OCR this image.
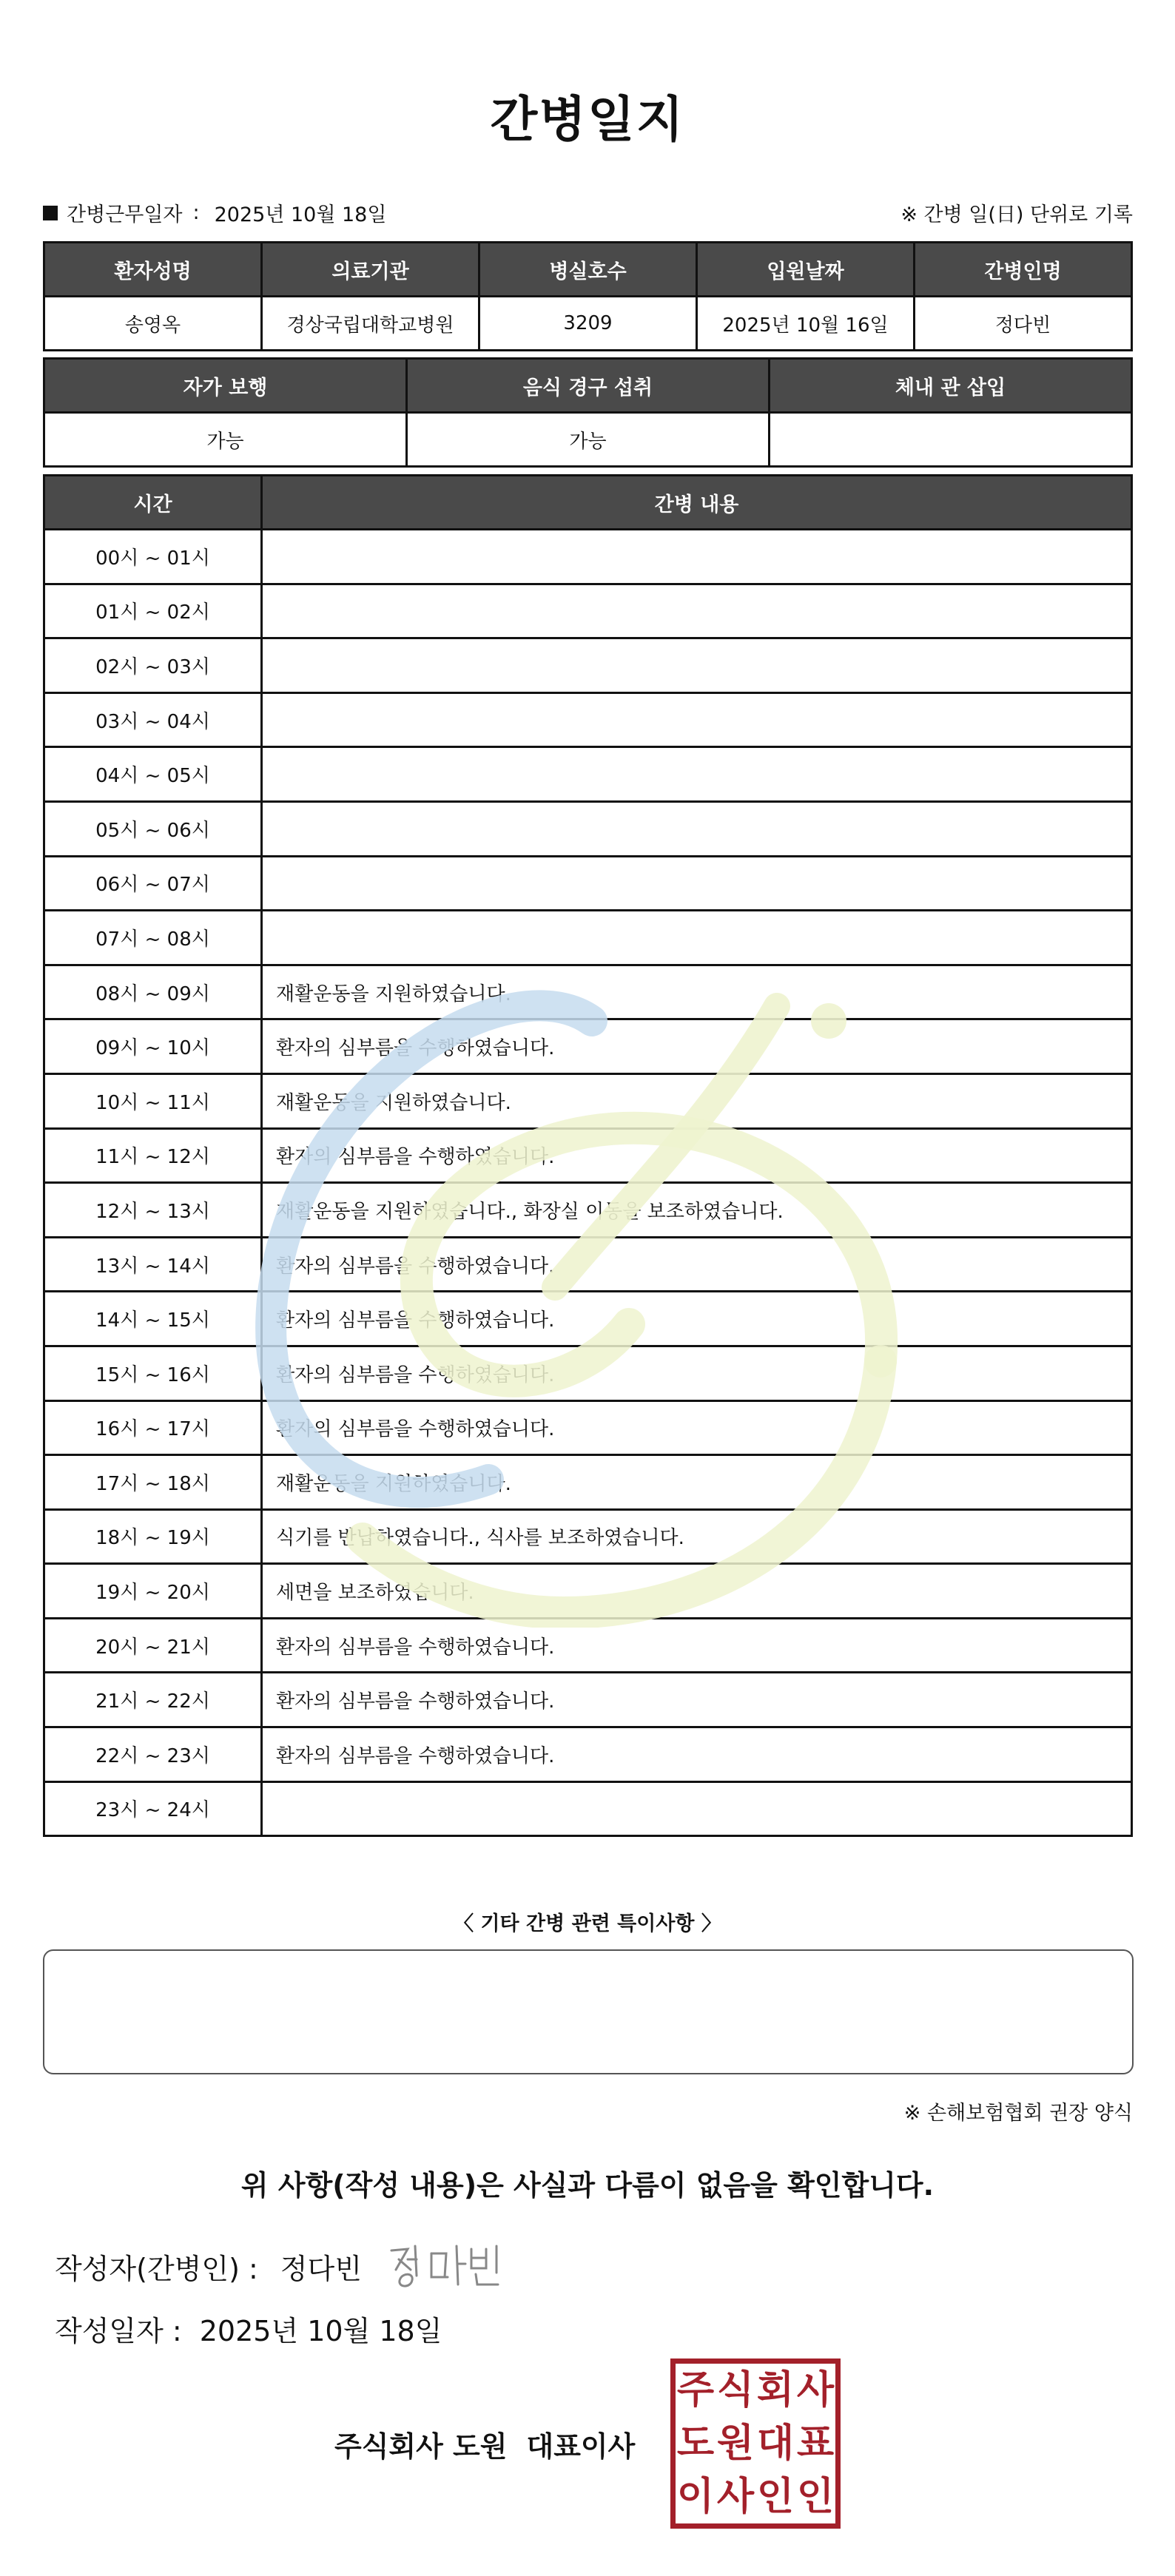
간병일지
간병근무일자 : 2025년 10월 18일	※ 간병 일(日) 단위로 기록
환자성명	의료기관	병실호수	입원날짜	간병인명
송영옥	경상국립대학교병원	3209	2025년 10월 16일	정다빈
자가 보행	음식 경구 섭취	체내 관 삽입
가능	가능	
시간	간병 내용
00시 ~ 01시	
01시 ~ 02시	
02시 ~ 03시	
03시 ~ 04시	
04시 ~ 05시	
05시 ~ 06시	
06시 ~ 07시	
07시 ~ 08시	
08시 ~ 09시	재활운동을 지원하였습니다.
09시 ~ 10시	환자의 심부름을 수행하였습니다.
10시 ~ 11시	재활운동을 지원하였습니다.
11시 ~ 12시	환자의 심부름을 수행하였습니다.
12시 ~ 13시	재활운동을 지원하였습니다., 화장실 이동을 보조하였습니다.
13시 ~ 14시	환자의 심부름을 수행하였습니다.
14시 ~ 15시	환자의 심부름을 수행하였습니다.
15시 ~ 16시	환자의 심부름을 수행하였습니다.
16시 ~ 17시	환자의 심부름을 수행하였습니다.
17시 ~ 18시	재활운동을 지원하였습니다.
18시 ~ 19시	식기를 반납하였습니다., 식사를 보조하였습니다.
19시 ~ 20시	세면을 보조하였습니다.
20시 ~ 21시	환자의 심부름을 수행하였습니다.
21시 ~ 22시	환자의 심부름을 수행하였습니다.
22시 ~ 23시	환자의 심부름을 수행하였습니다.
23시 ~ 24시	
〈 기타 간병 관련 특이사항 〉
※ 손해보험협회 권장 양식
위 사항(작성 내용)은 사실과 다름이 없음을 확인합니다.
작성자(간병인) : 정다빈
작성일자 : 2025년 10월 18일
주식회사 도원 대표이사
주 식 회 사
도 원 대 표
이 사 인 인
